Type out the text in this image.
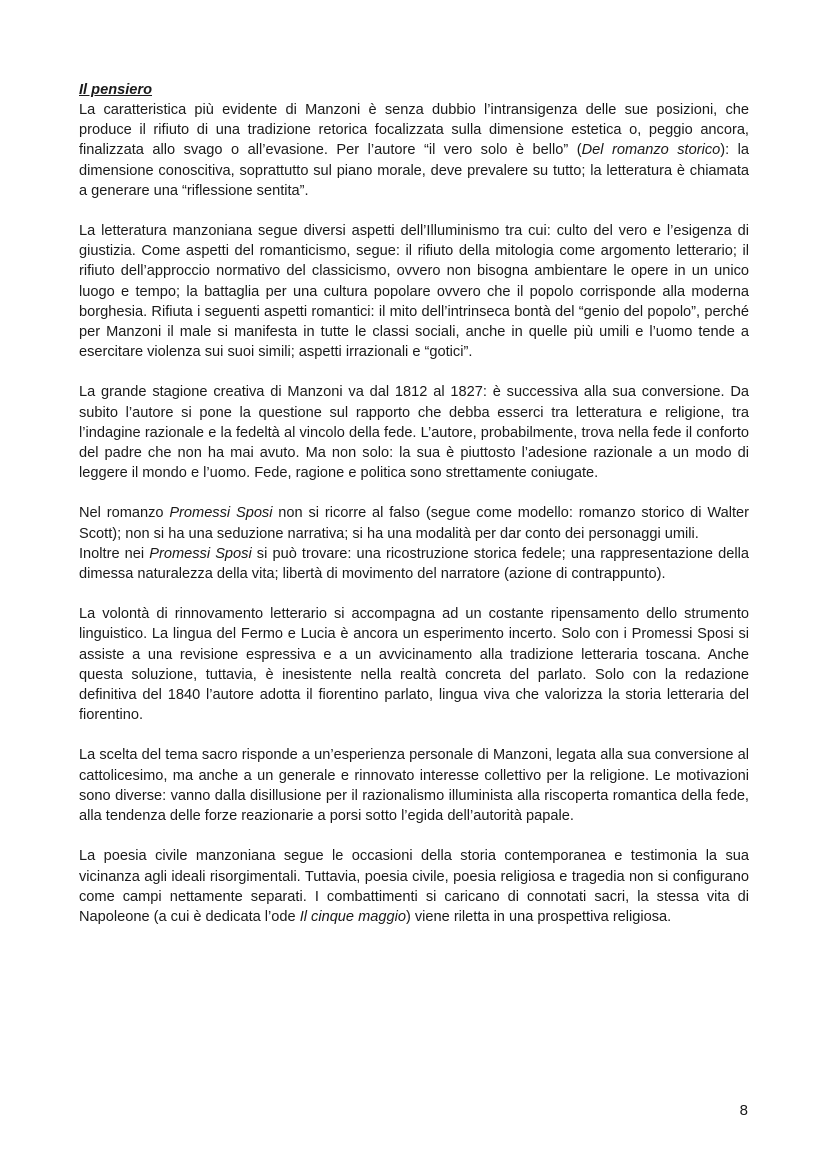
Il pensiero

La caratteristica più evidente di Manzoni è senza dubbio l’intransigenza delle sue posizioni, che produce il rifiuto di una tradizione retorica focalizzata sulla dimensione estetica o, peggio ancora, finalizzata allo svago o all’evasione. Per l’autore “il vero solo è bello” (Del romanzo storico): la dimensione conoscitiva, soprattutto sul piano morale, deve prevalere su tutto; la letteratura è chiamata a generare una “riflessione sentita”.

La letteratura manzoniana segue diversi aspetti dell’Illuminismo tra cui: culto del vero e l’esigenza di giustizia. Come aspetti del romanticismo, segue: il rifiuto della mitologia come argomento letterario; il rifiuto dell’approccio normativo del classicismo, ovvero non bisogna ambientare le opere in un unico luogo e tempo; la battaglia per una cultura popolare ovvero che il popolo corrisponde alla moderna borghesia. Rifiuta i seguenti aspetti romantici: il mito dell’intrinseca bontà del “genio del popolo”, perché per Manzoni il male si manifesta in tutte le classi sociali, anche in quelle più umili e l’uomo tende a esercitare violenza sui suoi simili; aspetti irrazionali e “gotici”.

La grande stagione creativa di Manzoni va dal 1812 al 1827: è successiva alla sua conversione. Da subito l’autore si pone la questione sul rapporto che debba esserci tra letteratura e religione, tra l’indagine razionale e la fedeltà al vincolo della fede. L’autore, probabilmente, trova nella fede il conforto del padre che non ha mai avuto. Ma non solo: la sua è piuttosto l’adesione razionale a un modo di leggere il mondo e l’uomo. Fede, ragione e politica sono strettamente coniugate.

Nel romanzo Promessi Sposi non si ricorre al falso (segue come modello: romanzo storico di Walter Scott); non si ha una seduzione narrativa; si ha una modalità per dar conto dei personaggi umili.

Inoltre nei Promessi Sposi si può trovare: una ricostruzione storica fedele; una rappresentazione della dimessa naturalezza della vita; libertà di movimento del narratore (azione di contrappunto).

La volontà di rinnovamento letterario si accompagna ad un costante ripensamento dello strumento linguistico. La lingua del Fermo e Lucia è ancora un esperimento incerto. Solo con i Promessi Sposi si assiste a una revisione espressiva e a un avvicinamento alla tradizione letteraria toscana. Anche questa soluzione, tuttavia, è inesistente nella realtà concreta del parlato. Solo con la redazione definitiva del 1840 l’autore adotta il fiorentino parlato, lingua viva che valorizza la storia letteraria del fiorentino.

La scelta del tema sacro risponde a un’esperienza personale di Manzoni, legata alla sua conversione al cattolicesimo, ma anche a un generale e rinnovato interesse collettivo per la religione. Le motivazioni sono diverse: vanno dalla disillusione per il razionalismo illuminista alla riscoperta romantica della fede, alla tendenza delle forze reazionarie a porsi sotto l’egida dell’autorità papale.

La poesia civile manzoniana segue le occasioni della storia contemporanea e testimonia la sua vicinanza agli ideali risorgimentali. Tuttavia, poesia civile, poesia religiosa e tragedia non si configurano come campi nettamente separati. I combattimenti si caricano di connotati sacri, la stessa vita di Napoleone (a cui è dedicata l’ode Il cinque maggio) viene riletta in una prospettiva religiosa.

8
